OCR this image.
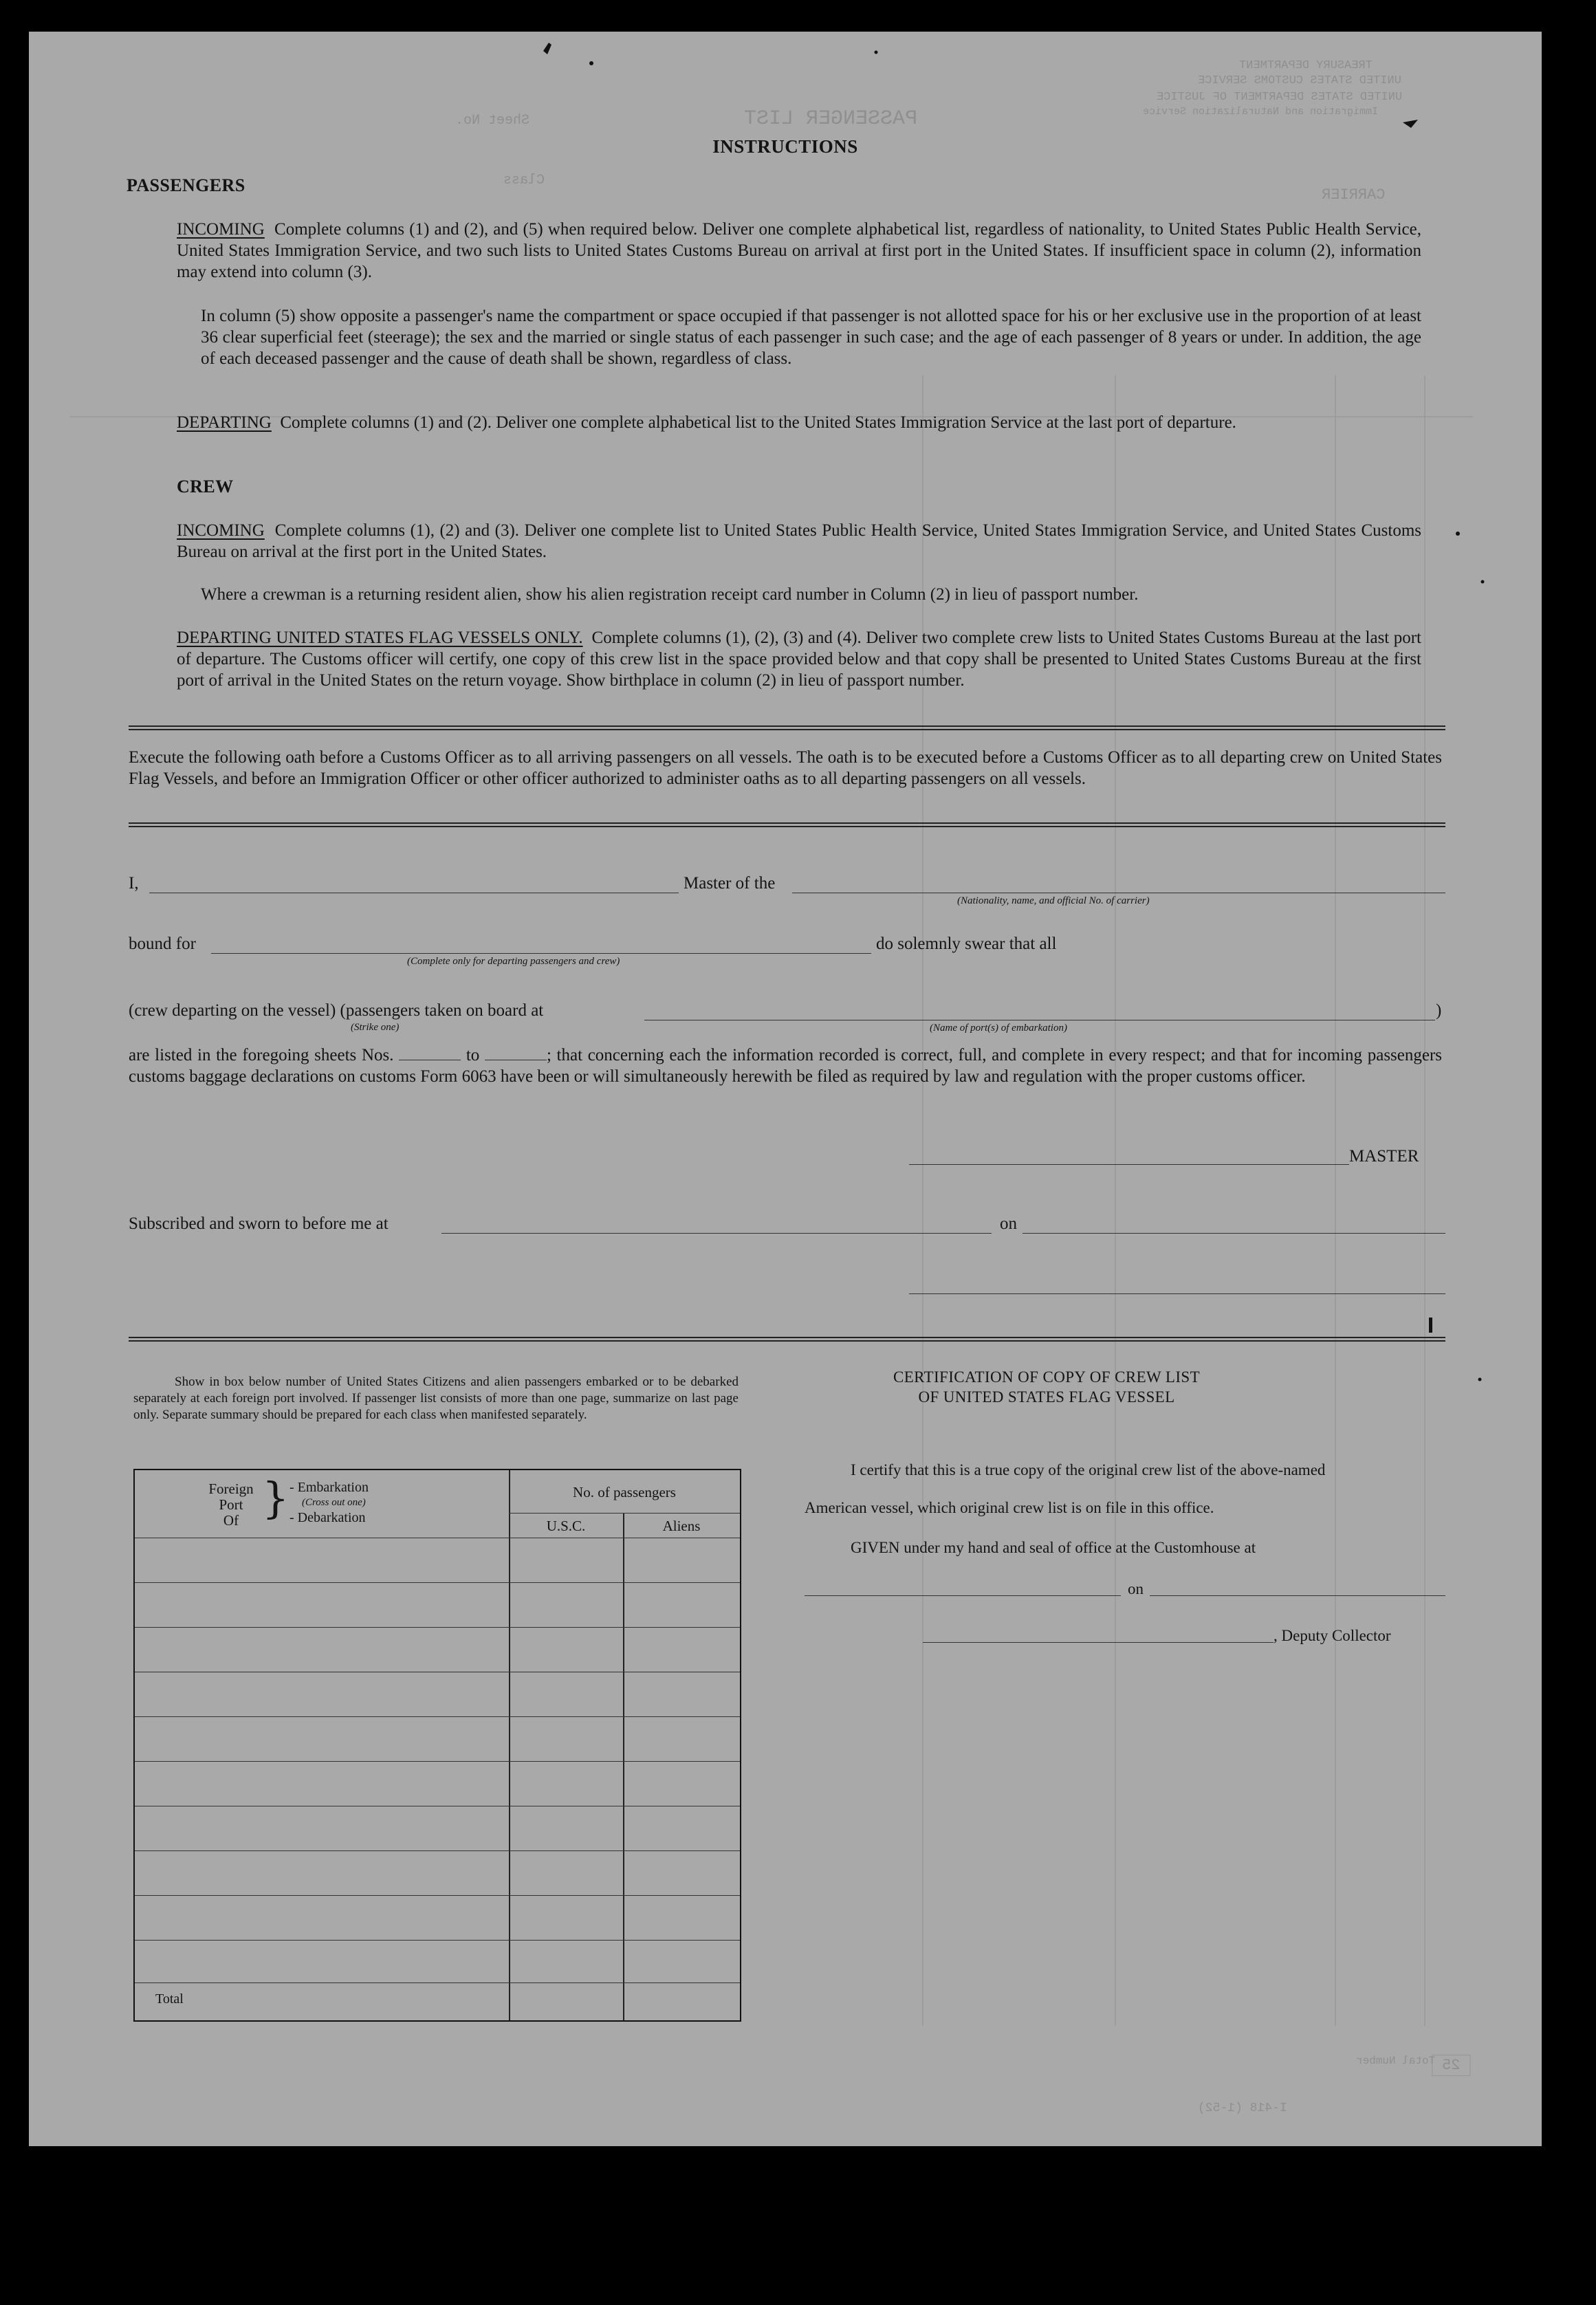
PASSENGER LIST
TREASURY DEPARTMENT
UNITED STATES CUSTOMS SERVICE
UNITED STATES DEPARTMENT OF JUSTICE
Immigration and Naturalization Service
Sheet No.
Class
CARRIER
Total Number 25
I-418 (1-52)
INSTRUCTIONS
PASSENGERS
INCOMING Complete columns (1) and (2), and (5) when required below. Deliver one complete alphabetical list, regardless of nationality, to United States Public Health Service, United States Immigration Service, and two such lists to United States Customs Bureau on arrival at first port in the United States. If insufficient space in column (2), information may extend into column (3).
In column (5) show opposite a passenger's name the compartment or space occupied if that passenger is not allotted space for his or her exclusive use in the proportion of at least 36 clear superficial feet (steerage); the sex and the married or single status of each passenger in such case; and the age of each passenger of 8 years or under. In addition, the age of each deceased passenger and the cause of death shall be shown, regardless of class.
DEPARTING Complete columns (1) and (2). Deliver one complete alphabetical list to the United States Immigration Service at the last port of departure.
CREW
INCOMING Complete columns (1), (2) and (3). Deliver one complete list to United States Public Health Service, United States Immigration Service, and United States Customs Bureau on arrival at the first port in the United States.
Where a crewman is a returning resident alien, show his alien registration receipt card number in Column (2) in lieu of passport number.
DEPARTING UNITED STATES FLAG VESSELS ONLY. Complete columns (1), (2), (3) and (4). Deliver two complete crew lists to United States Customs Bureau at the last port of departure. The Customs officer will certify, one copy of this crew list in the space provided below and that copy shall be presented to United States Customs Bureau at the first port of arrival in the United States on the return voyage. Show birthplace in column (2) in lieu of passport number.
Execute the following oath before a Customs Officer as to all arriving passengers on all vessels. The oath is to be executed before a Customs Officer as to all departing crew on United States Flag Vessels, and before an Immigration Officer or other officer authorized to administer oaths as to all departing passengers on all vessels.
I,	Master of the
(Nationality, name, and official No. of carrier)
bound for
(Complete only for departing passengers and crew)
do solemnly swear that all
(crew departing on the vessel) (passengers taken on board at
(Strike one)	(Name of port(s) of embarkation)
)
are listed in the foregoing sheets Nos.	to	; that concerning each the information recorded is correct, full, and complete in every respect; and that for incoming passengers customs baggage declarations on customs Form 6063 have been or will simultaneously herewith be filed as required by law and regulation with the proper customs officer.
MASTER
Subscribed and sworn to before me at	on
Show in box below number of United States Citizens and alien passengers embarked or to be debarked separately at each foreign port involved. If passenger list consists of more than one page, summarize on last page only. Separate summary should be prepared for each class when manifested separately.
Foreign
Port
Of } - Embarkation
(Cross out one)
- Debarkation
No. of passengers
U.S.C.	Aliens
Total
CERTIFICATION OF COPY OF CREW LIST
OF UNITED STATES FLAG VESSEL
I certify that this is a true copy of the original crew list of the above-named
American vessel, which original crew list is on file in this office.
GIVEN under my hand and seal of office at the Customhouse at
on
, Deputy Collector
